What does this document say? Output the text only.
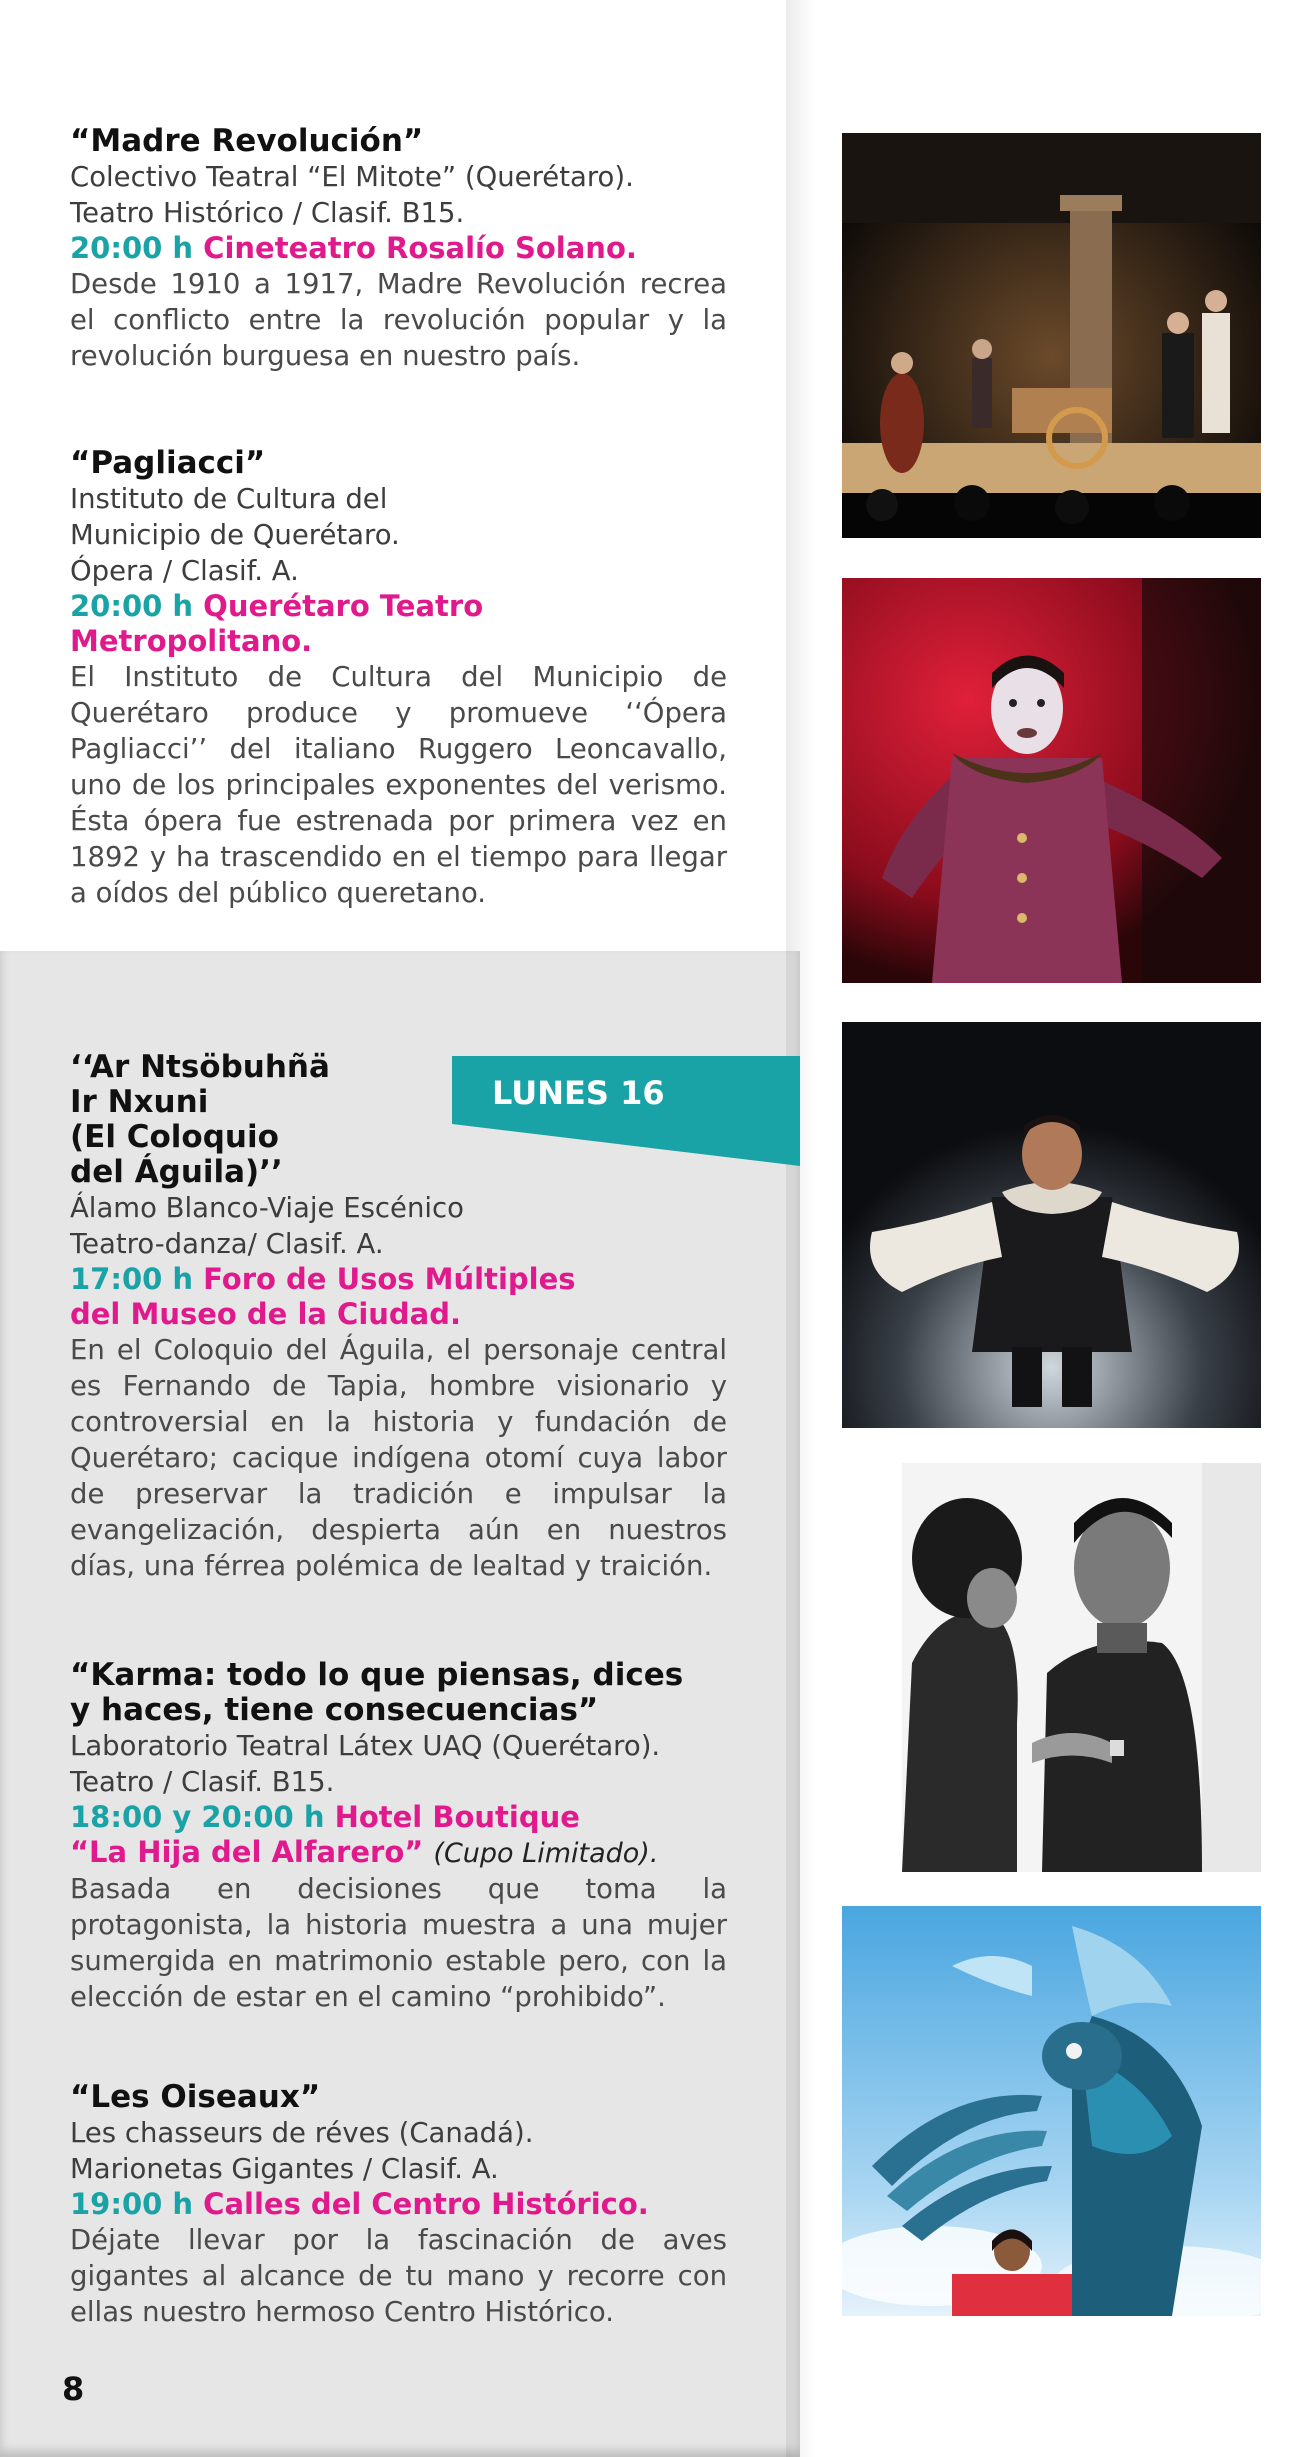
“Madre Revolución”
Colectivo Teatral “El Mitote” (Querétaro).
Teatro Histórico / Clasif. B15.
20:00 h Cineteatro Rosalío Solano.
Desde 1910 a 1917, Madre Revolución recrea el conflicto entre la revolución popular y la revolución burguesa en nuestro país.
“Pagliacci”
Instituto de Cultura del
Municipio de Querétaro.
Ópera / Clasif. A.
20:00 h Querétaro Teatro
Metropolitano.
El Instituto de Cultura del Municipio de Querétaro produce y promueve ‘‘Ópera Pagliacci’’ del italiano Ruggero Leoncavallo, uno de los principales exponentes del verismo. Ésta ópera fue estrenada por primera vez en 1892 y ha trascendido en el tiempo para llegar a oídos del público queretano.
LUNES 16
‘‘Ar Ntsöbuhñä
Ir Nxuni
(El Coloquio
del Águila)’’
Álamo Blanco-Viaje Escénico
Teatro-danza/ Clasif. A.
17:00 h Foro de Usos Múltiples
del Museo de la Ciudad.
En el Coloquio del Águila, el personaje central es Fernando de Tapia, hombre visionario y controversial en la historia y fundación de Querétaro; cacique indígena otomí cuya labor de preservar la tradición e impulsar la evangelización, despierta aún en nuestros días, una férrea polémica de lealtad y traición.
“Karma: todo lo que piensas, dices
y haces, tiene consecuencias”
Laboratorio Teatral Látex UAQ (Querétaro).
Teatro / Clasif. B15.
18:00 y 20:00 h Hotel Boutique
“La Hija del Alfarero” (Cupo Limitado).
Basada en decisiones que toma la protagonista, la historia muestra a una mujer sumergida en matrimonio estable pero, con la elección de estar en el camino “prohibido”.
“Les Oiseaux”
Les chasseurs de réves (Canadá).
Marionetas Gigantes / Clasif. A.
19:00 h Calles del Centro Histórico.
Déjate llevar por la fascinación de aves gigantes al alcance de tu mano y recorre con ellas nuestro hermoso Centro Histórico.
8
